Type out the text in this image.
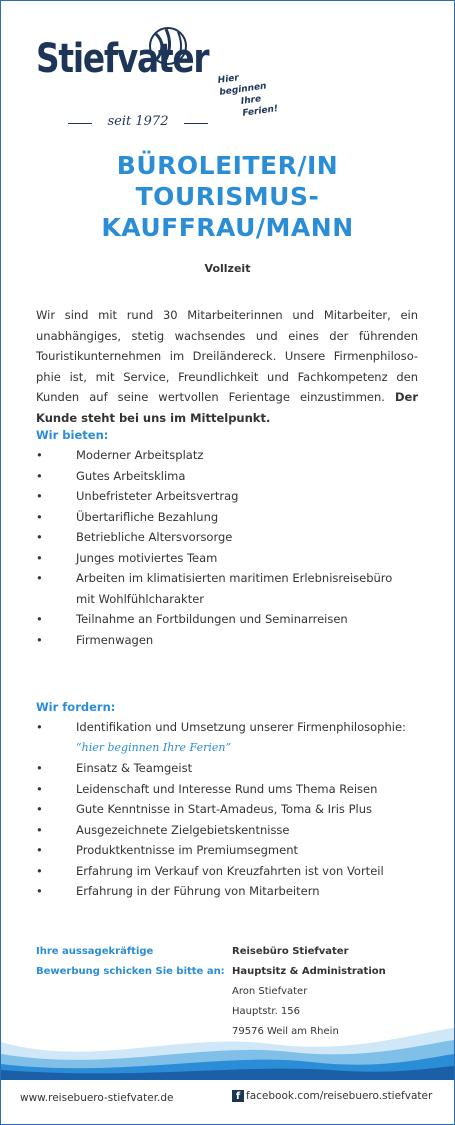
Stiefvater Hier beginnen
Ihre Ferien!
seit 1972
BÜROLEITER/IN
TOURISMUS-
KAUFFRAU/MANN
Vollzeit
Wir sind mit rund 30 Mitarbeiterinnen und Mitarbeiter, ein unabhängiges, stetig wachsendes und eines der führenden Touristikunternehmen im Dreiländereck. Unsere Firmenphilosophie ist, mit Service, Freundlichkeit und Fachkompetenz den Kunden auf seine wertvollen Ferientage einzustimmen. Der Kunde steht bei uns im Mittelpunkt.
Wir bieten:
•	Moderner Arbeitsplatz
•	Gutes Arbeitsklima
•	Unbefristeter Arbeitsvertrag
•	Übertarifliche Bezahlung
•	Betriebliche Altersvorsorge
•	Junges motiviertes Team
•	Arbeiten im klimatisierten maritimen Erlebnisreisebüro mit Wohlfühlcharakter
•	Teilnahme an Fortbildungen und Seminarreisen
•	Firmenwagen
Wir fordern:
•	Identifikation und Umsetzung unserer Firmenphilosophie:
“hier beginnen Ihre Ferien”
•	Einsatz & Teamgeist
•	Leidenschaft und Interesse Rund ums Thema Reisen
•	Gute Kenntnisse in Start-Amadeus, Toma & Iris Plus
•	Ausgezeichnete Zielgebietskentnisse
•	Produktkentnisse im Premiumsegment
•	Erfahrung im Verkauf von Kreuzfahrten ist von Vorteil
•	Erfahrung in der Führung von Mitarbeitern
Ihre aussagekräftige
Bewerbung schicken Sie bitte an:
Reisebüro Stiefvater
Hauptsitz & Administration
Aron Stiefvater
Hauptstr. 156
79576 Weil am Rhein
www.reisebuero-stiefvater.de	f facebook.com/reisebuero.stiefvater
